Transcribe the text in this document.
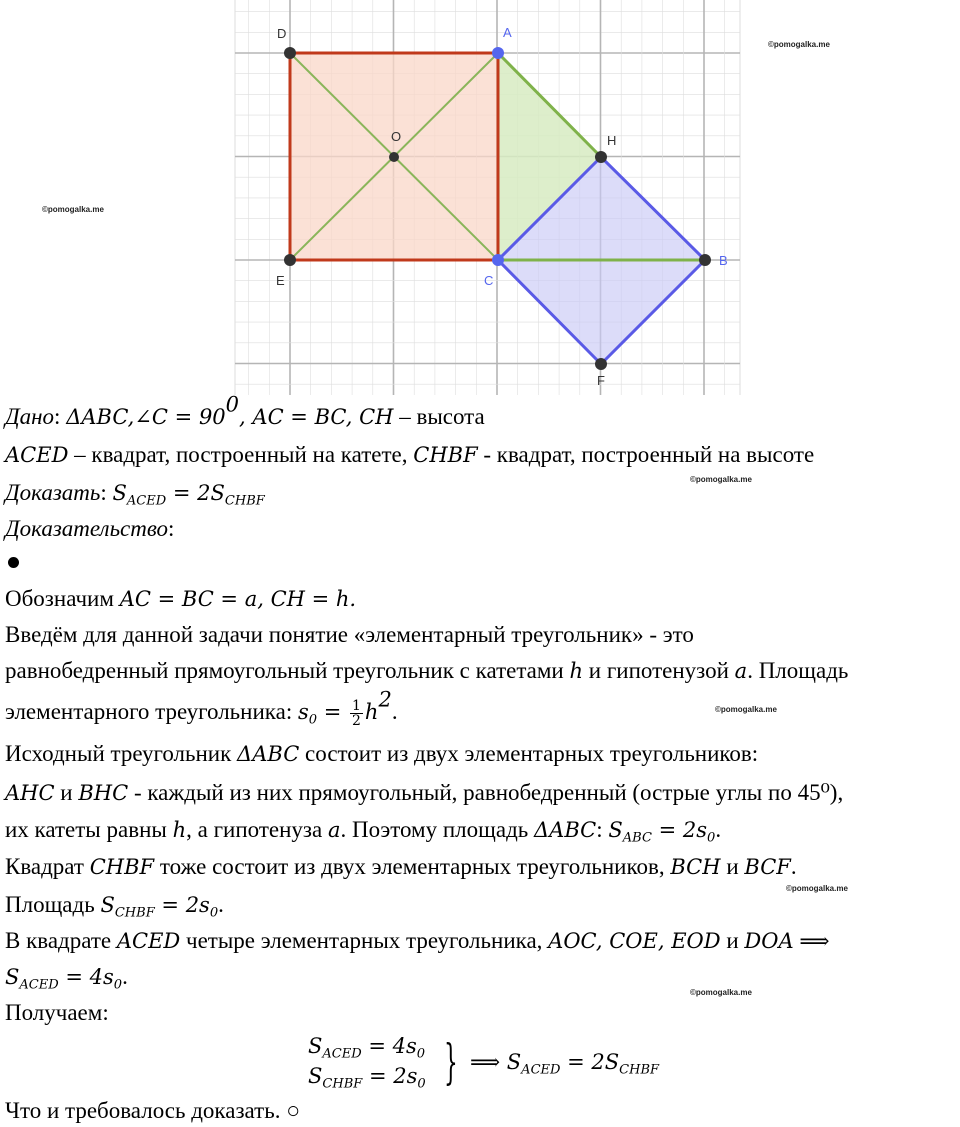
D	A
O	H
E	C
B
F
©pomogalka.me
©pomogalka.me
©pomogalka.me
©pomogalka.me
©pomogalka.me
©pomogalka.me
Дано: ΔABC,∠C = $90^0$, AC = BC, CH – высота
ACED – квадрат, построенный на катете, CHBF - квадрат, построенный на высоте
Доказать: $S_{ACED} = 2S_{CHBF}$
Доказательство:
Обозначим AC = BC = a, CH = h.
Введём для данной задачи понятие «элементарный треугольник» - это
равнобедренный прямоугольный треугольник с катетами h и гипотенузой a. Площадь
элементарного треугольника: $s_0 = \frac{1}{2} h^2$.
Исходный треугольник ΔABC состоит из двух элементарных треугольников:
AHC и BHC - каждый из них прямоугольный, равнобедренный (острые углы по 45⁰),
их катеты равны h, а гипотенуза a. Поэтому площадь ΔABC: $S_{ABC} = 2s_0$.
Квадрат CHBF тоже состоит из двух элементарных треугольников, BCH и BCF.
Площадь $S_{CHBF} = 2s_0$.
В квадрате ACED четыре элементарных треугольника, AOC, COE, EOD и DOA ⟹
$S_{ACED} = 4s_0$.
Получаем:
$S_{ACED} = 4s_0$
$S_{CHBF} = 2s_0$ } ⟹ $S_{ACED} = 2S_{CHBF}$
Что и требовалось доказать. ○
